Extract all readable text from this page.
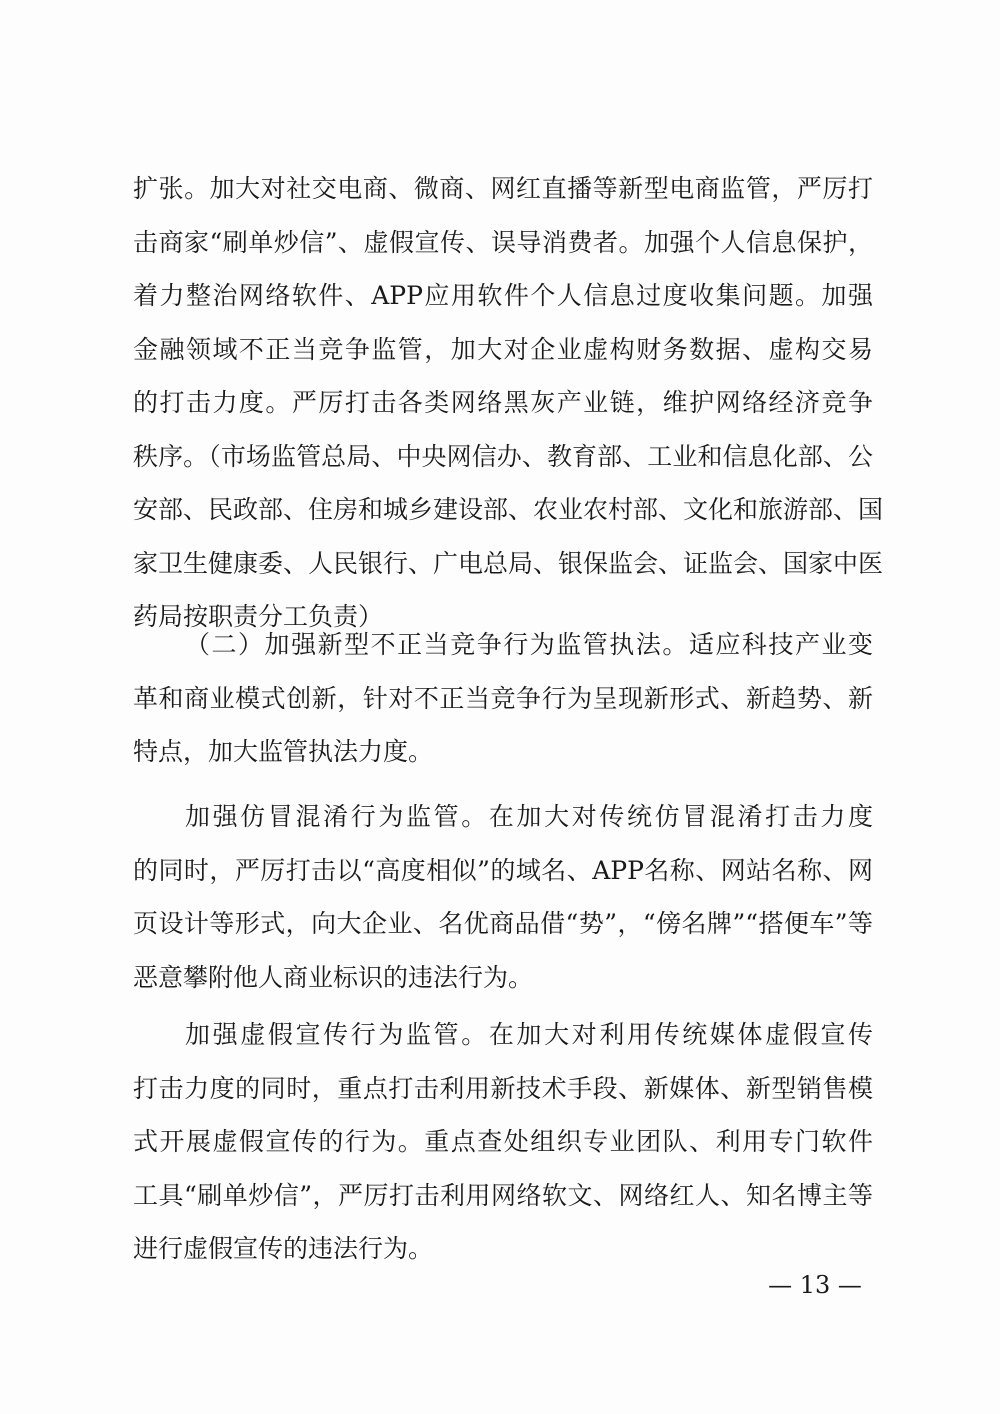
扩张。加大对社交电商、微商、网红直播等新型电商监管，严厉打
击商家“刷单炒信”、虚假宣传、误导消费者。加强个人信息保护，
着力整治网络软件、APP应用软件个人信息过度收集问题。加强
金融领域不正当竞争监管，加大对企业虚构财务数据、虚构交易
的打击力度。严厉打击各类网络黑灰产业链，维护网络经济竞争
秩序。（市场监管总局、中央网信办、教育部、工业和信息化部、公
安部、民政部、住房和城乡建设部、农业农村部、文化和旅游部、国
家卫生健康委、人民银行、广电总局、银保监会、证监会、国家中医
药局按职责分工负责）
（二）加强新型不正当竞争行为监管执法。适应科技产业变
革和商业模式创新，针对不正当竞争行为呈现新形式、新趋势、新
特点，加大监管执法力度。
加强仿冒混淆行为监管。在加大对传统仿冒混淆打击力度
的同时，严厉打击以“高度相似”的域名、APP名称、网站名称、网
页设计等形式，向大企业、名优商品借“势”，“傍名牌”“搭便车”等
恶意攀附他人商业标识的违法行为。
加强虚假宣传行为监管。在加大对利用传统媒体虚假宣传
打击力度的同时，重点打击利用新技术手段、新媒体、新型销售模
式开展虚假宣传的行为。重点查处组织专业团队、利用专门软件
工具“刷单炒信”，严厉打击利用网络软文、网络红人、知名博主等
进行虚假宣传的违法行为。
— 13 —
